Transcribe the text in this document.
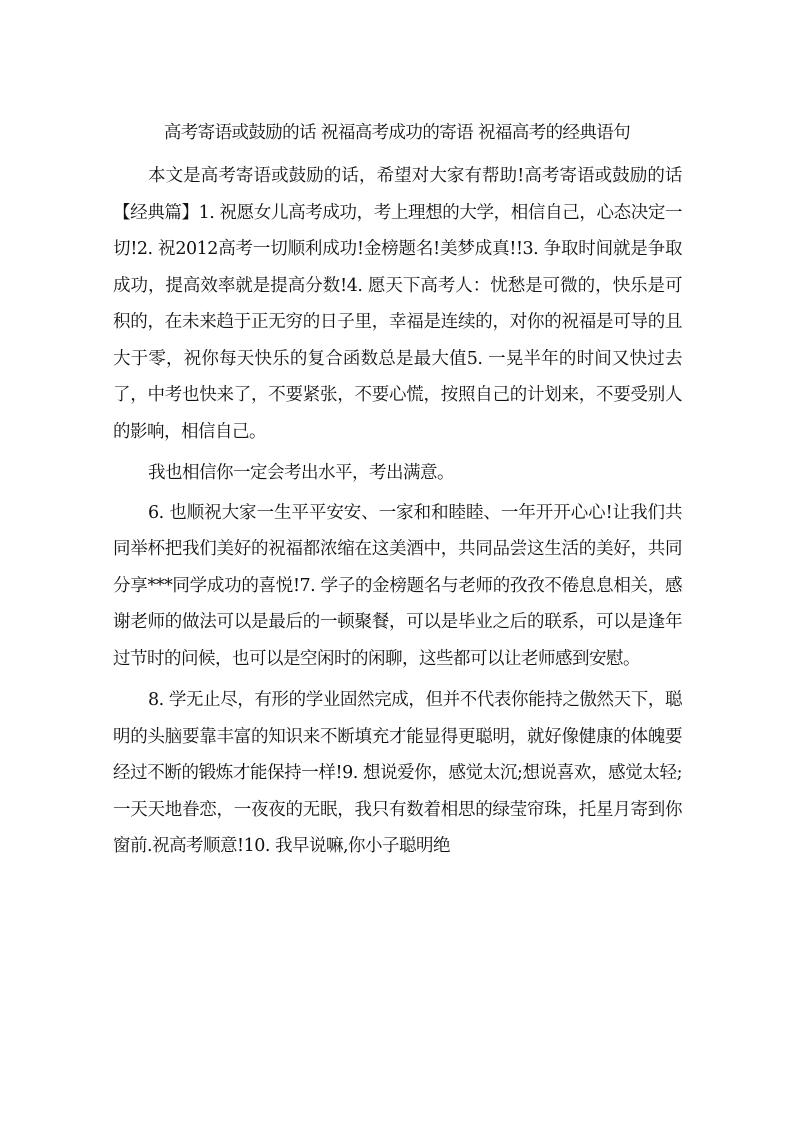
高考寄语或鼓励的话 祝福高考成功的寄语 祝福高考的经典语句

本文是高考寄语或鼓励的话，希望对大家有帮助!高考寄语或鼓励的话【经典篇】1. 祝愿女儿高考成功，考上理想的大学，相信自己，心态决定一切!2. 祝2012高考一切顺利成功!金榜题名!美梦成真!!3. 争取时间就是争取成功，提高效率就是提高分数!4. 愿天下高考人：忧愁是可微的，快乐是可积的，在未来趋于正无穷的日子里，幸福是连续的，对你的祝福是可导的且大于零，祝你每天快乐的复合函数总是最大值5. 一晃半年的时间又快过去了，中考也快来了，不要紧张，不要心慌，按照自己的计划来，不要受别人的影响，相信自己。

我也相信你一定会考出水平，考出满意。

6. 也顺祝大家一生平平安安、一家和和睦睦、一年开开心心!让我们共同举杯把我们美好的祝福都浓缩在这美酒中，共同品尝这生活的美好，共同分享***同学成功的喜悦!7. 学子的金榜题名与老师的孜孜不倦息息相关，感谢老师的做法可以是最后的一顿聚餐，可以是毕业之后的联系，可以是逢年过节时的问候，也可以是空闲时的闲聊，这些都可以让老师感到安慰。

8. 学无止尽，有形的学业固然完成，但并不代表你能持之傲然天下，聪明的头脑要靠丰富的知识来不断填充才能显得更聪明，就好像健康的体魄要经过不断的锻炼才能保持一样!9. 想说爱你，感觉太沉;想说喜欢，感觉太轻;一天天地眷恋，一夜夜的无眠，我只有数着相思的绿莹帘珠，托星月寄到你窗前.祝高考顺意!10. 我早说嘛,你小子聪明绝
